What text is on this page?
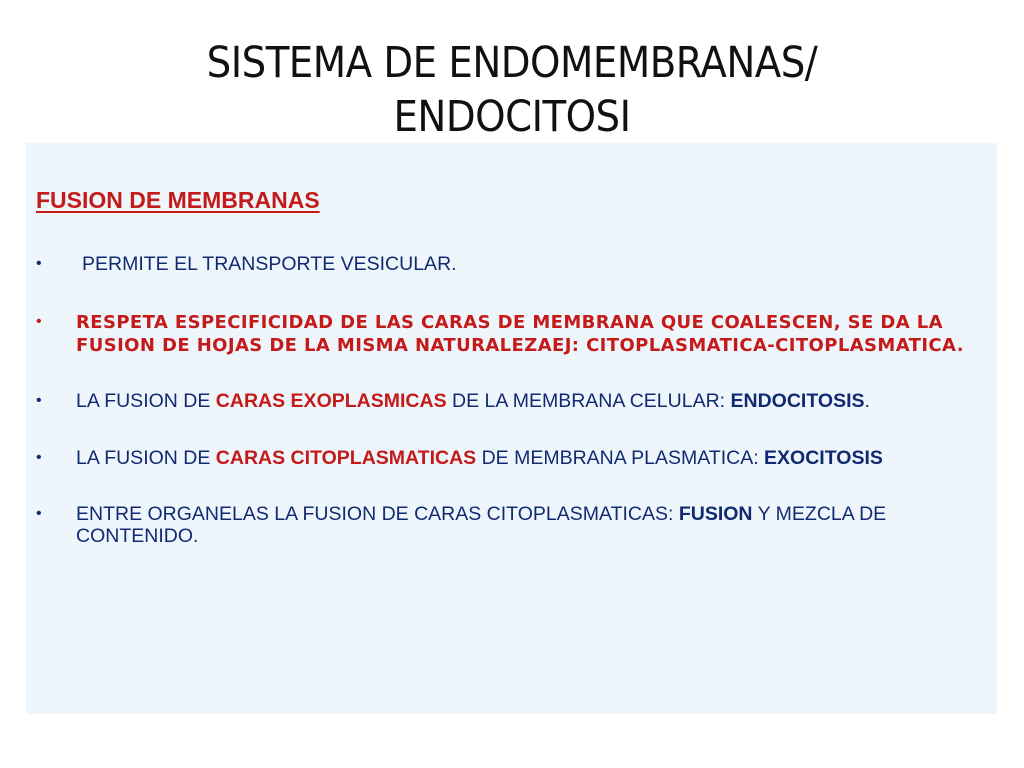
SISTEMA DE ENDOMEMBRANAS/
ENDOCITOSI
FUSION DE MEMBRANAS
• PERMITE EL TRANSPORTE VESICULAR.
• RESPETA ESPECIFICIDAD DE LAS CARAS DE MEMBRANA QUE COALESCEN, SE DA LA FUSION DE HOJAS DE LA MISMA NATURALEZAEJ: CITOPLASMATICA-CITOPLASMATICA.
• LA FUSION DE CARAS EXOPLASMICAS DE LA MEMBRANA CELULAR: ENDOCITOSIS.
• LA FUSION DE CARAS CITOPLASMATICAS DE MEMBRANA PLASMATICA: EXOCITOSIS
• ENTRE ORGANELAS LA FUSION DE CARAS CITOPLASMATICAS: FUSION Y MEZCLA DE CONTENIDO.
